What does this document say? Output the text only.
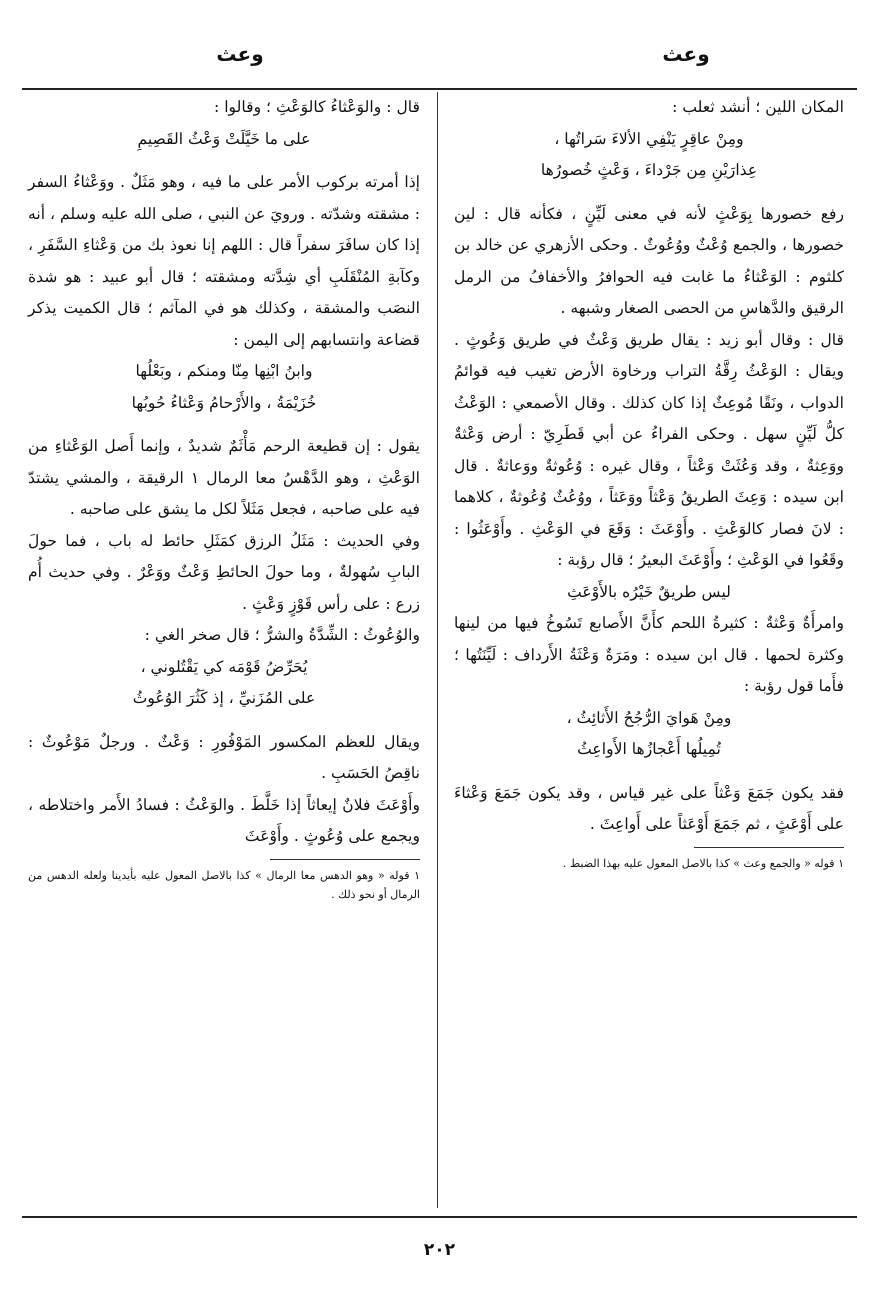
وعث
وعث

المكان اللين ؛ أنشد ثعلب :

ومِنْ عاقِرٍ يَنْفِي الألاءَ سَراتُها ،

عِذارَيْنِ مِن جَرْداءَ ، وَعْثٍ خُصورُها

رفع خصورها بِوَعْثٍ لأنه في معنى لَيِّنٍ ، فكأنه قال : لين خصورها ، والجمع وُعْثٌ ووُعُوثٌ . وحكى الأزهري عن خالد بن كلثوم : الوَعْثاءُ ما غابت فيه الحوافرُ والأخفافُ من الرمل الرقيق والدَّهاسِ من الحصى الصغار وشبهه .

قال : وقال أبو زيد : يقال طريق وَعْثٌ في طريق وَعُوثٍ . ويقال : الوَعْثُ رِقَّةُ التراب ورخاوة الأرض تغيب فيه قوائمُ الدواب ، ونَقًا مُوعِثٌ إذا كان كذلك . وقال الأصمعي : الوَعْثُ كلُّ لَيِّنٍ سهل . وحكى الفراءُ عن أبي قَطَرِيّ : أرض وَعْثةٌ ووَعِثةٌ ، وقد وَعُثَتْ وَعْثاً ، وقال غيره : وُعُوثةٌ ووَعاثةٌ . قال ابن سيده : وَعِثَ الطريقُ وَعْثاً ووَعَثاً ، ووُعُثٌ وُعُوثةٌ ، كلاهما : لانَ فصار كالوَعْثِ . وأَوْعَثَ : وَقَعَ في الوَعْثِ . وأَوْعَثُوا : وقَعُوا في الوَعْثِ ؛ وأَوْعَثَ البعيرُ ؛ قال رؤبة :

ليس طريقٌ خَيْرُه بالأَوْعَثِ

وامرأَةٌ وَعْثةٌ : كثيرةُ اللحم كأَنَّ الأَصابع تَسُوخُ فيها من لينها وكثرة لحمها . قال ابن سيده : ومَرَةٌ وَعْثَةُ الأَرداف : لَيِّنَتُها ؛ فأَما قول رؤبة :

ومِنْ هَوايَ الرُّجُحُ الأَثائِثُ ،

تُمِيلُها أَعْجازُها الأَواعِثُ

فقد يكون جَمَعَ وَعْثاً على غير قياس ، وقد يكون جَمَعَ وَعْثاءَ على أَوْعَثٍ ، ثم جَمَعَ أَوْعَثاً على أَواعِثَ .

١ قوله « والجمع وعث » كذا بالاصل المعول عليه بهذا الضبط .

قال : والوَعْثاءُ كالوَعْثِ ؛ وقالوا :

على ما خَيَّلَتْ وَعْثُ القَصِيمِ

إذا أمرته بركوب الأمر على ما فيه ، وهو مَثَلٌ . ووَعْثاءُ السفر : مشقته وشدّته . ورويَ عن النبي ، صلى الله عليه وسلم ، أنه إذا كان سافَرَ سفراً قال : اللهم إنا نعوذ بك من وَعْثاءِ السَّفَرِ ، وكآبةِ المُنْقَلَبِ أي شِدَّته ومشقته ؛ قال أبو عبيد : هو شدة النصَب والمشقة ، وكذلك هو في المآثم ؛ قال الكميت يذكر قضاعة وانتسابهم إلى اليمن :

وابنُ ابْنِها مِنّا ومنكم ، وبَعْلُها

خُزَيْمَةُ ، والأَرْحامُ وَعْثاءُ حُوبُها

يقول : إن قطيعة الرحم مَأْثَمٌ شديدٌ ، وإنما أَصل الوَعْثاءِ من الوَعْثِ ، وهو الدَّهْسُ معا الرمال ١ الرقيقة ، والمشي يشتدّ فيه على صاحبه ، فجعل مَثَلاً لكل ما يشق على صاحبه .

وفي الحديث : مَثَلُ الرزق كمَثَلِ حائط له باب ، فما حولَ البابِ سُهولةٌ ، وما حولَ الحائطِ وَعْثٌ ووَعْرٌ . وفي حديث أُم زرع : على رأس قَوْزٍ وَعْثٍ .

والوُعُوثُ : الشِّدَّةُ والشرُّ ؛ قال صخر الغي :

يُحَرِّضُ قَوْمَه كي يَقْتُلوني ،

على المُزَنيِّ ، إذ كَثُرَ الوُعُوثُ

ويقال للعظم المكسور المَوْفُورِ : وَعْثٌ . ورجلٌ مَوْعُوثٌ : ناقِصُ الحَسَبِ .

وأَوْعَثَ فلانٌ إيعاثاً إذا خَلَّطَ . والوَعْثُ : فسادُ الأَمر واختلاطه ، ويجمع على وُعُوثٍ . وأَوْعَثَ

١ قوله « وهو الدهس معا الرمال » كذا بالاصل المعول عليه بأيدينا ولعله الدهس من الرمال أو نحو ذلك .

٢٠٢
